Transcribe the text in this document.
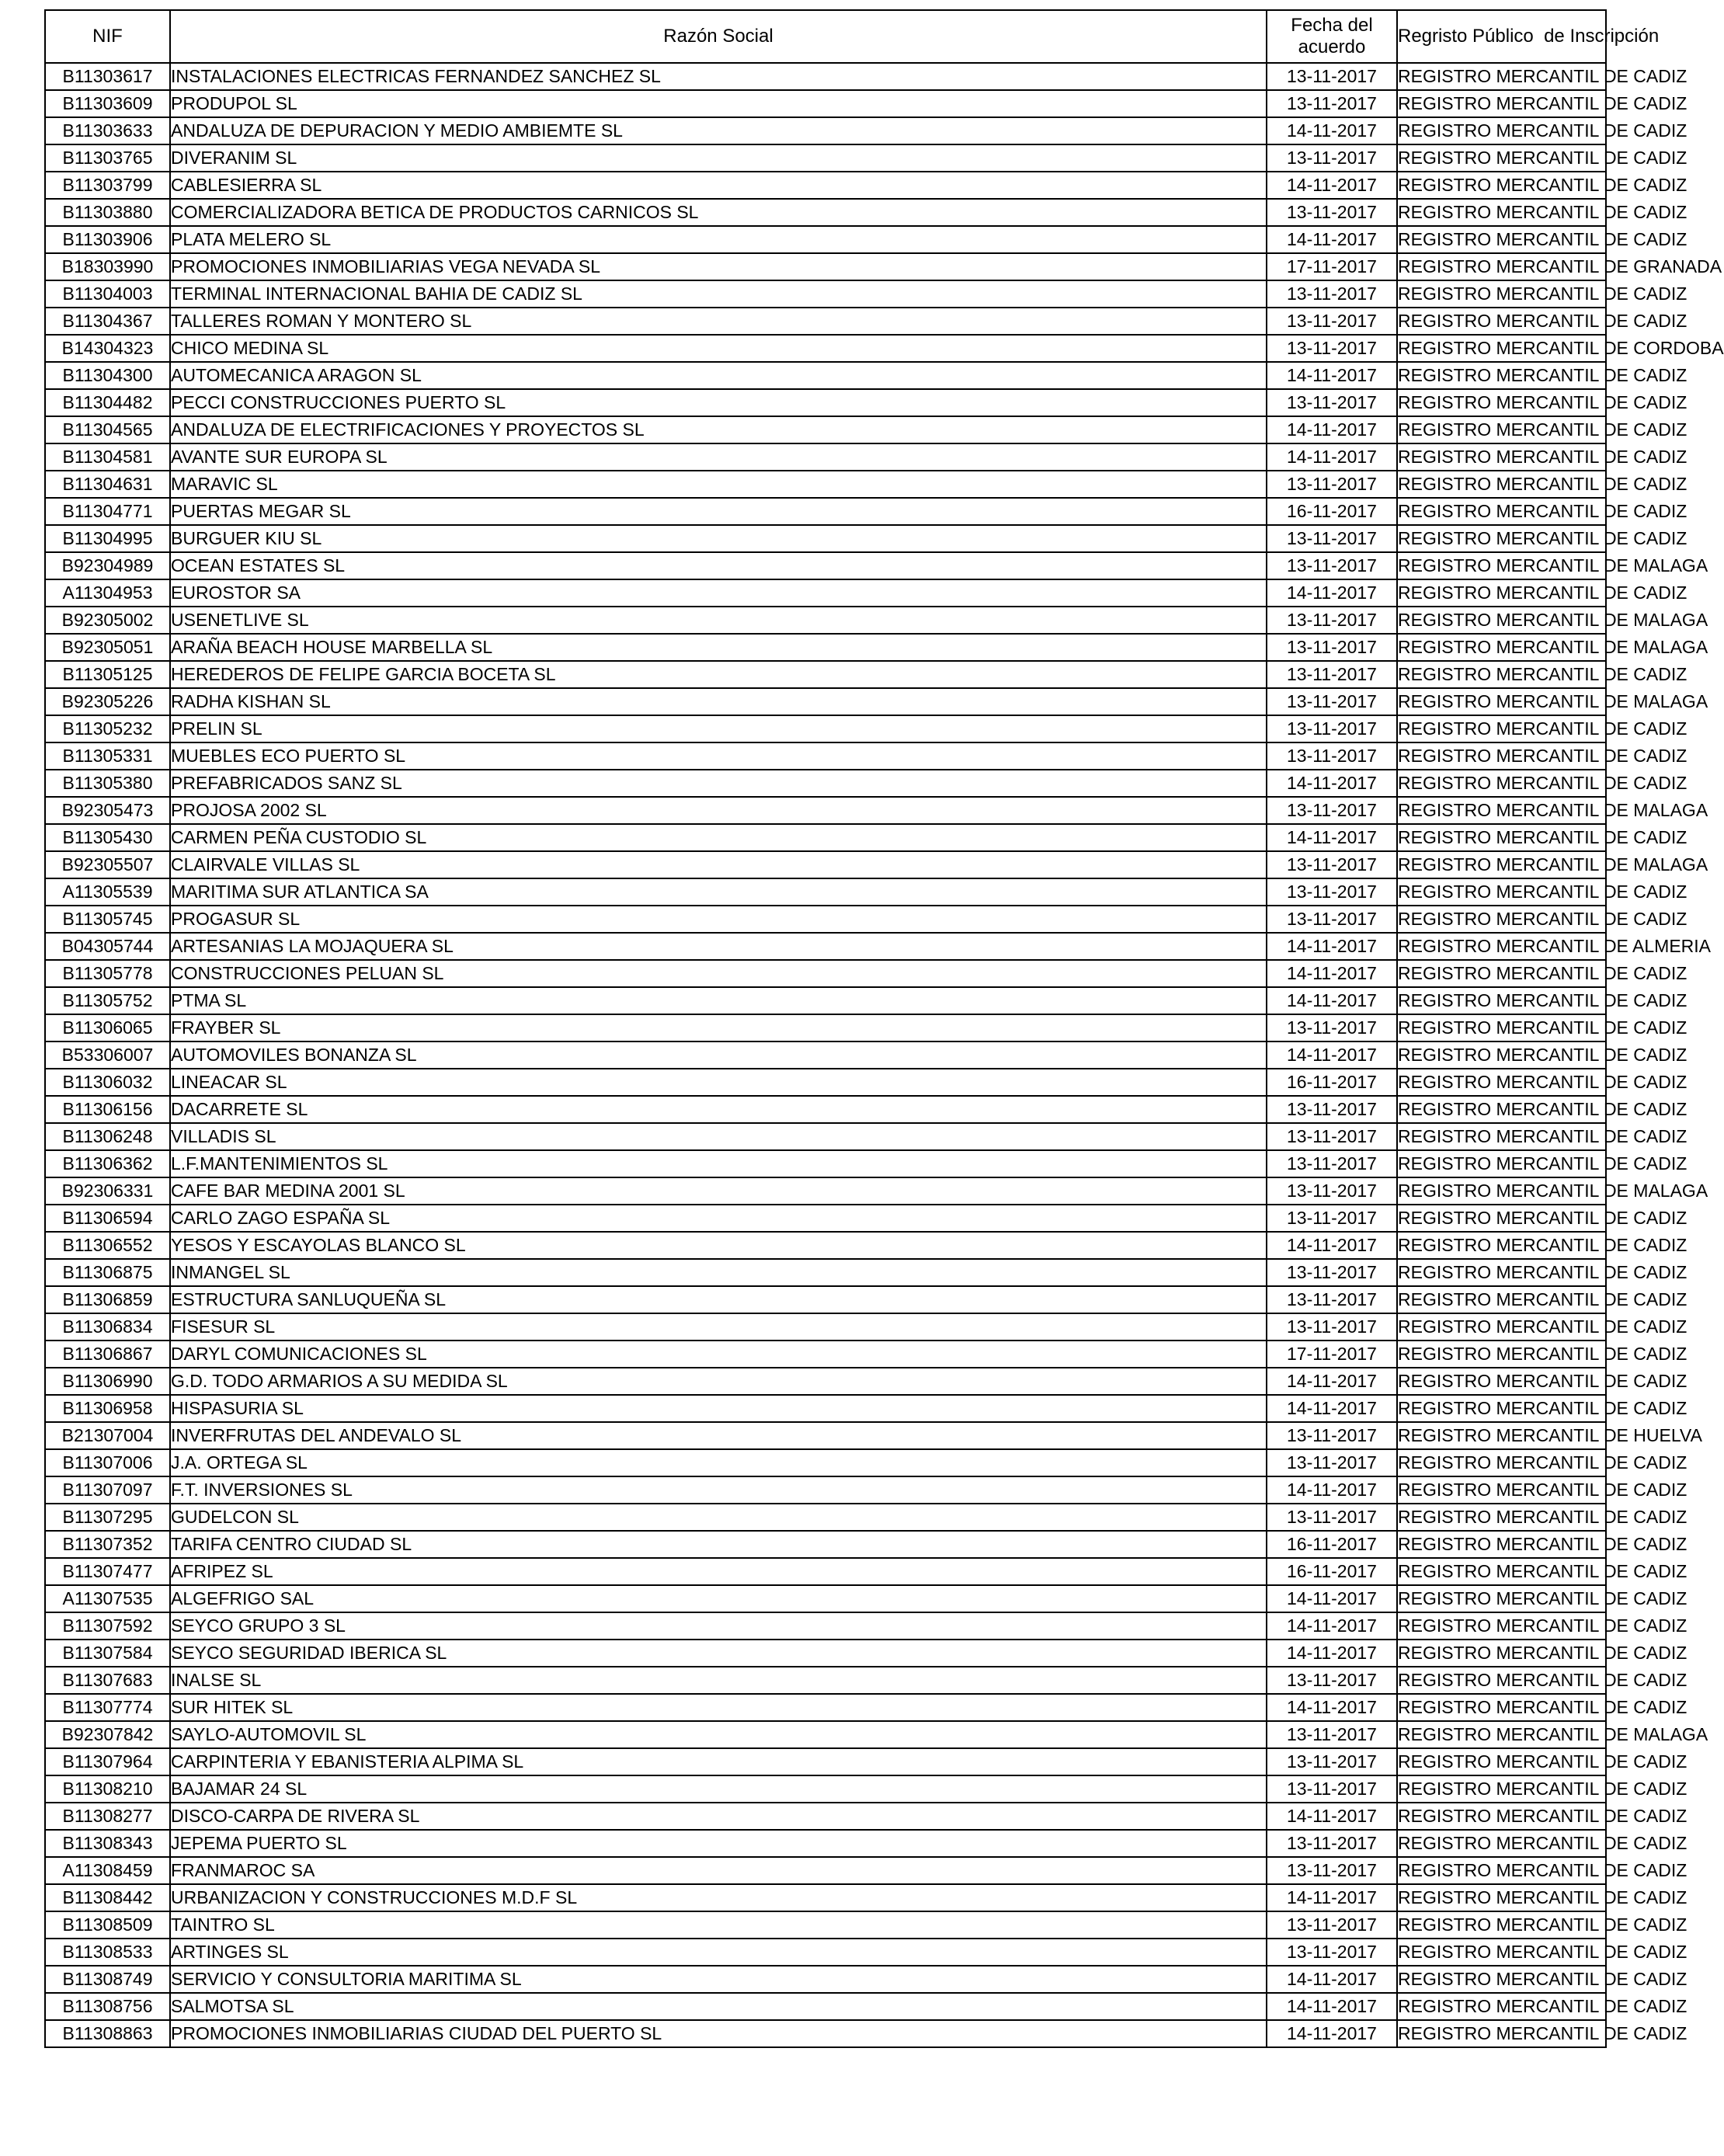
NIF	Razón Social	Fecha del acuerdo	Regristo Público  de Inscripción
B11303617	INSTALACIONES ELECTRICAS FERNANDEZ SANCHEZ SL	13-11-2017	REGISTRO MERCANTIL DE CADIZ
B11303609	PRODUPOL SL	13-11-2017	REGISTRO MERCANTIL DE CADIZ
B11303633	ANDALUZA DE DEPURACION Y MEDIO AMBIEMTE SL	14-11-2017	REGISTRO MERCANTIL DE CADIZ
B11303765	DIVERANIM SL	13-11-2017	REGISTRO MERCANTIL DE CADIZ
B11303799	CABLESIERRA SL	14-11-2017	REGISTRO MERCANTIL DE CADIZ
B11303880	COMERCIALIZADORA BETICA DE PRODUCTOS CARNICOS SL	13-11-2017	REGISTRO MERCANTIL DE CADIZ
B11303906	PLATA MELERO SL	14-11-2017	REGISTRO MERCANTIL DE CADIZ
B18303990	PROMOCIONES INMOBILIARIAS VEGA NEVADA SL	17-11-2017	REGISTRO MERCANTIL DE GRANADA
B11304003	TERMINAL INTERNACIONAL BAHIA DE CADIZ SL	13-11-2017	REGISTRO MERCANTIL DE CADIZ
B11304367	TALLERES ROMAN Y MONTERO SL	13-11-2017	REGISTRO MERCANTIL DE CADIZ
B14304323	CHICO MEDINA SL	13-11-2017	REGISTRO MERCANTIL DE CORDOBA
B11304300	AUTOMECANICA ARAGON SL	14-11-2017	REGISTRO MERCANTIL DE CADIZ
B11304482	PECCI CONSTRUCCIONES PUERTO SL	13-11-2017	REGISTRO MERCANTIL DE CADIZ
B11304565	ANDALUZA DE ELECTRIFICACIONES Y PROYECTOS SL	14-11-2017	REGISTRO MERCANTIL DE CADIZ
B11304581	AVANTE SUR EUROPA SL	14-11-2017	REGISTRO MERCANTIL DE CADIZ
B11304631	MARAVIC SL	13-11-2017	REGISTRO MERCANTIL DE CADIZ
B11304771	PUERTAS MEGAR SL	16-11-2017	REGISTRO MERCANTIL DE CADIZ
B11304995	BURGUER KIU SL	13-11-2017	REGISTRO MERCANTIL DE CADIZ
B92304989	OCEAN ESTATES SL	13-11-2017	REGISTRO MERCANTIL DE MALAGA
A11304953	EUROSTOR SA	14-11-2017	REGISTRO MERCANTIL DE CADIZ
B92305002	USENETLIVE SL	13-11-2017	REGISTRO MERCANTIL DE MALAGA
B92305051	ARAÑA BEACH HOUSE MARBELLA SL	13-11-2017	REGISTRO MERCANTIL DE MALAGA
B11305125	HEREDEROS DE FELIPE GARCIA BOCETA SL	13-11-2017	REGISTRO MERCANTIL DE CADIZ
B92305226	RADHA KISHAN SL	13-11-2017	REGISTRO MERCANTIL DE MALAGA
B11305232	PRELIN SL	13-11-2017	REGISTRO MERCANTIL DE CADIZ
B11305331	MUEBLES ECO PUERTO SL	13-11-2017	REGISTRO MERCANTIL DE CADIZ
B11305380	PREFABRICADOS SANZ SL	14-11-2017	REGISTRO MERCANTIL DE CADIZ
B92305473	PROJOSA 2002 SL	13-11-2017	REGISTRO MERCANTIL DE MALAGA
B11305430	CARMEN PEÑA CUSTODIO SL	14-11-2017	REGISTRO MERCANTIL DE CADIZ
B92305507	CLAIRVALE VILLAS SL	13-11-2017	REGISTRO MERCANTIL DE MALAGA
A11305539	MARITIMA SUR ATLANTICA SA	13-11-2017	REGISTRO MERCANTIL DE CADIZ
B11305745	PROGASUR SL	13-11-2017	REGISTRO MERCANTIL DE CADIZ
B04305744	ARTESANIAS LA MOJAQUERA SL	14-11-2017	REGISTRO MERCANTIL DE ALMERIA
B11305778	CONSTRUCCIONES PELUAN SL	14-11-2017	REGISTRO MERCANTIL DE CADIZ
B11305752	PTMA SL	14-11-2017	REGISTRO MERCANTIL DE CADIZ
B11306065	FRAYBER SL	13-11-2017	REGISTRO MERCANTIL DE CADIZ
B53306007	AUTOMOVILES BONANZA SL	14-11-2017	REGISTRO MERCANTIL DE CADIZ
B11306032	LINEACAR SL	16-11-2017	REGISTRO MERCANTIL DE CADIZ
B11306156	DACARRETE SL	13-11-2017	REGISTRO MERCANTIL DE CADIZ
B11306248	VILLADIS SL	13-11-2017	REGISTRO MERCANTIL DE CADIZ
B11306362	L.F.MANTENIMIENTOS SL	13-11-2017	REGISTRO MERCANTIL DE CADIZ
B92306331	CAFE BAR MEDINA 2001 SL	13-11-2017	REGISTRO MERCANTIL DE MALAGA
B11306594	CARLO ZAGO ESPAÑA SL	13-11-2017	REGISTRO MERCANTIL DE CADIZ
B11306552	YESOS Y ESCAYOLAS BLANCO SL	14-11-2017	REGISTRO MERCANTIL DE CADIZ
B11306875	INMANGEL SL	13-11-2017	REGISTRO MERCANTIL DE CADIZ
B11306859	ESTRUCTURA SANLUQUEÑA SL	13-11-2017	REGISTRO MERCANTIL DE CADIZ
B11306834	FISESUR SL	13-11-2017	REGISTRO MERCANTIL DE CADIZ
B11306867	DARYL COMUNICACIONES SL	17-11-2017	REGISTRO MERCANTIL DE CADIZ
B11306990	G.D. TODO ARMARIOS A SU MEDIDA SL	14-11-2017	REGISTRO MERCANTIL DE CADIZ
B11306958	HISPASURIA SL	14-11-2017	REGISTRO MERCANTIL DE CADIZ
B21307004	INVERFRUTAS DEL ANDEVALO SL	13-11-2017	REGISTRO MERCANTIL DE HUELVA
B11307006	J.A. ORTEGA SL	13-11-2017	REGISTRO MERCANTIL DE CADIZ
B11307097	F.T. INVERSIONES SL	14-11-2017	REGISTRO MERCANTIL DE CADIZ
B11307295	GUDELCON SL	13-11-2017	REGISTRO MERCANTIL DE CADIZ
B11307352	TARIFA CENTRO CIUDAD SL	16-11-2017	REGISTRO MERCANTIL DE CADIZ
B11307477	AFRIPEZ SL	16-11-2017	REGISTRO MERCANTIL DE CADIZ
A11307535	ALGEFRIGO SAL	14-11-2017	REGISTRO MERCANTIL DE CADIZ
B11307592	SEYCO GRUPO 3 SL	14-11-2017	REGISTRO MERCANTIL DE CADIZ
B11307584	SEYCO SEGURIDAD IBERICA SL	14-11-2017	REGISTRO MERCANTIL DE CADIZ
B11307683	INALSE SL	13-11-2017	REGISTRO MERCANTIL DE CADIZ
B11307774	SUR HITEK SL	14-11-2017	REGISTRO MERCANTIL DE CADIZ
B92307842	SAYLO-AUTOMOVIL SL	13-11-2017	REGISTRO MERCANTIL DE MALAGA
B11307964	CARPINTERIA Y EBANISTERIA ALPIMA SL	13-11-2017	REGISTRO MERCANTIL DE CADIZ
B11308210	BAJAMAR 24 SL	13-11-2017	REGISTRO MERCANTIL DE CADIZ
B11308277	DISCO-CARPA DE RIVERA SL	14-11-2017	REGISTRO MERCANTIL DE CADIZ
B11308343	JEPEMA PUERTO SL	13-11-2017	REGISTRO MERCANTIL DE CADIZ
A11308459	FRANMAROC SA	13-11-2017	REGISTRO MERCANTIL DE CADIZ
B11308442	URBANIZACION Y CONSTRUCCIONES M.D.F SL	14-11-2017	REGISTRO MERCANTIL DE CADIZ
B11308509	TAINTRO SL	13-11-2017	REGISTRO MERCANTIL DE CADIZ
B11308533	ARTINGES SL	13-11-2017	REGISTRO MERCANTIL DE CADIZ
B11308749	SERVICIO Y CONSULTORIA MARITIMA SL	14-11-2017	REGISTRO MERCANTIL DE CADIZ
B11308756	SALMOTSA SL	14-11-2017	REGISTRO MERCANTIL DE CADIZ
B11308863	PROMOCIONES INMOBILIARIAS CIUDAD DEL PUERTO SL	14-11-2017	REGISTRO MERCANTIL DE CADIZ
